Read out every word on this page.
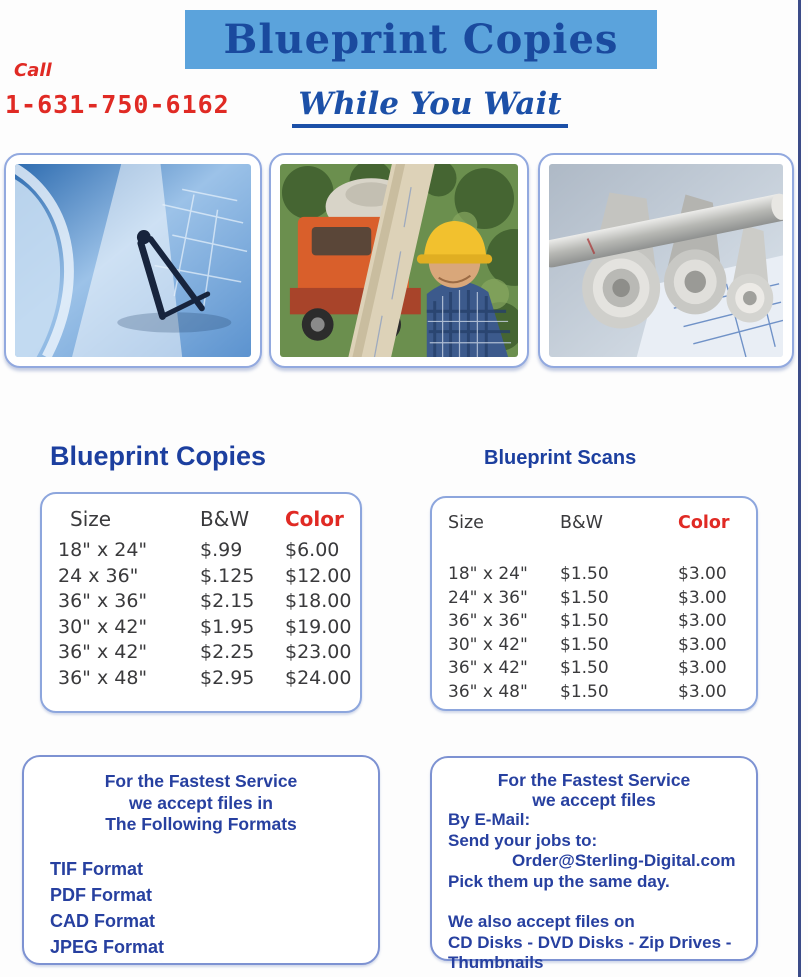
Call
1-631-750-6162
Blueprint Copies
While You Wait
Blueprint Copies	Blueprint Scans
Size	B&W	Color
18" x 24"	$.99	$6.00
24 x 36"	$.125	$12.00
36" x 36"	$2.15	$18.00
30" x 42"	$1.95	$19.00
36" x 42"	$2.25	$23.00
36" x 48"	$2.95	$24.00
Size	B&W	Color
18" x 24"	$1.50	$3.00
24" x 36"	$1.50	$3.00
36" x 36"	$1.50	$3.00
30" x 42"	$1.50	$3.00
36" x 42"	$1.50	$3.00
36" x 48"	$1.50	$3.00
For the Fastest Service
we accept files in
The Following Formats
TIF Format
PDF Format
CAD Format
JPEG Format
For the Fastest Service
we accept files
By E-Mail:
Send your jobs to:
Order@Sterling-Digital.com
Pick them up the same day.
We also accept files on
CD Disks - DVD Disks - Zip Drives -
Thumbnails
